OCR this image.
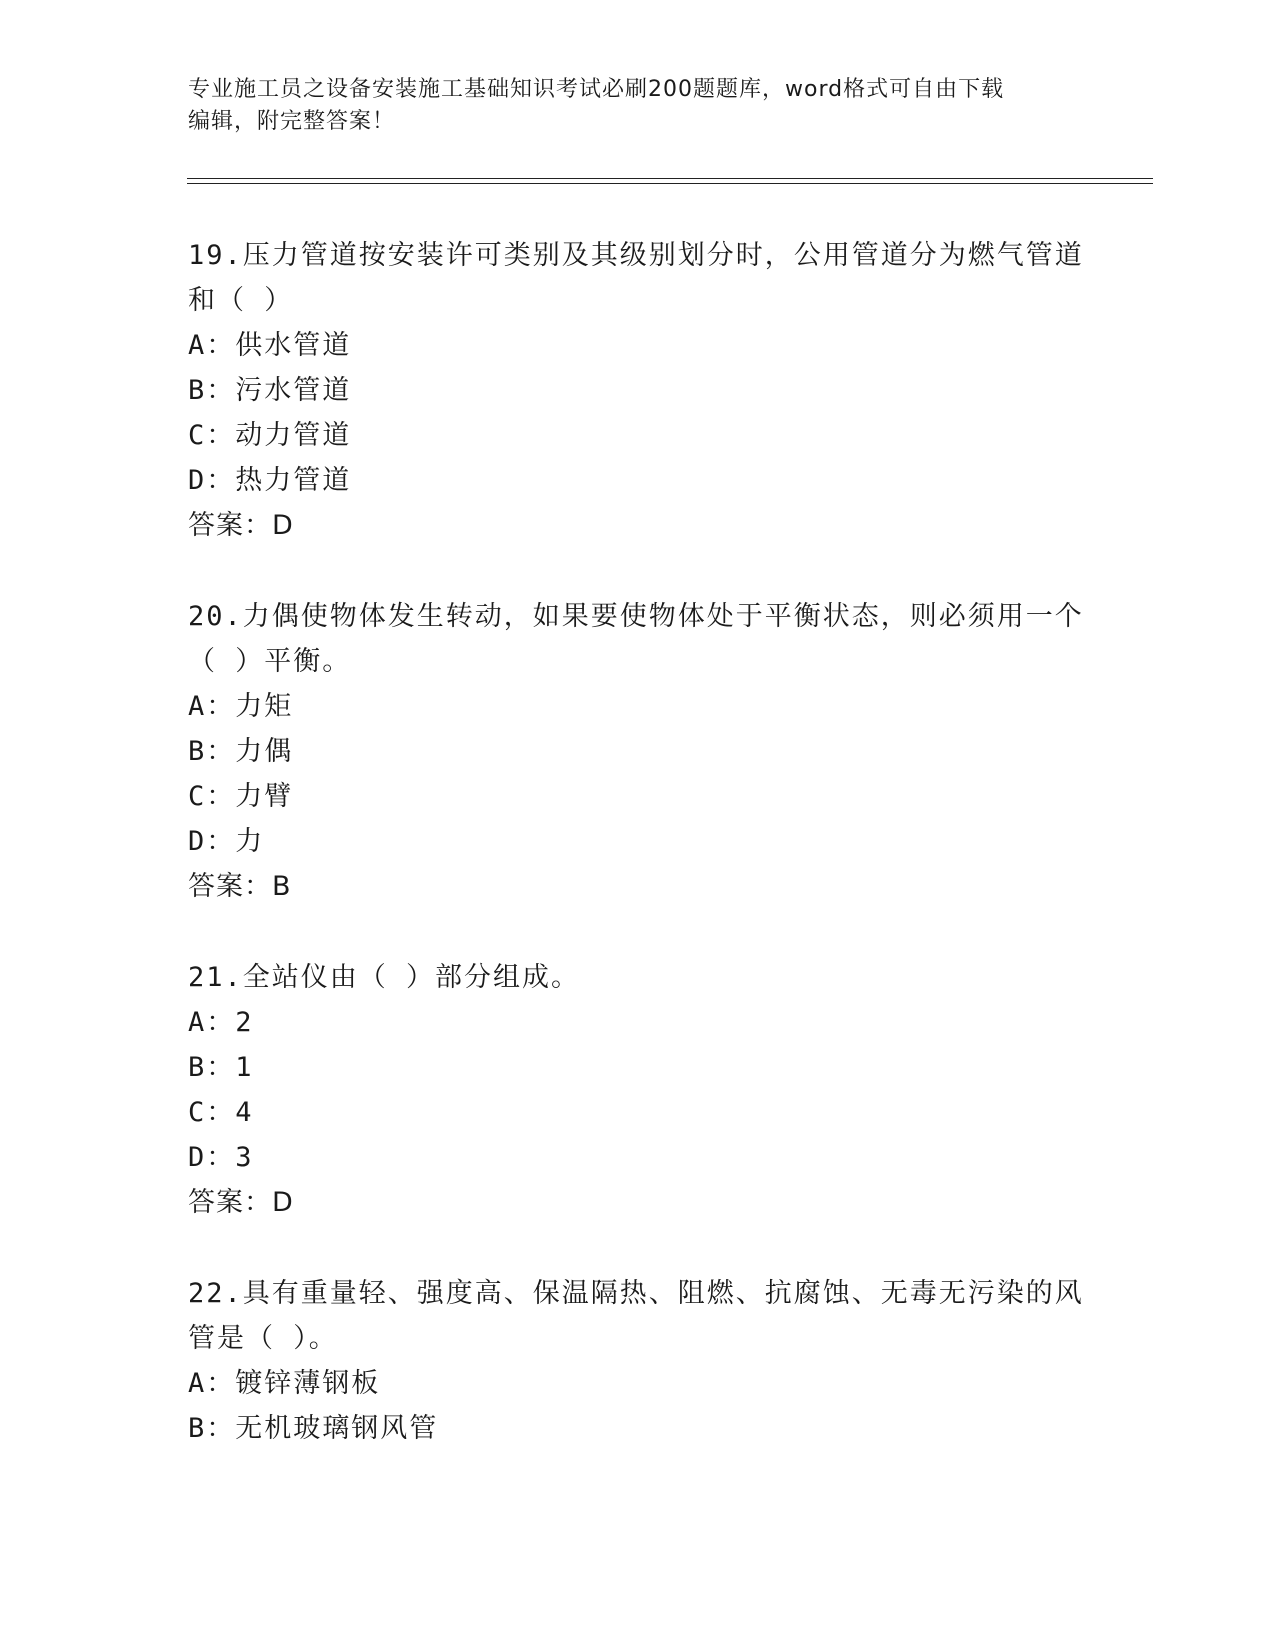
专业施工员之设备安装施工基础知识考试必刷200题题库，word格式可自由下载
编辑，附完整答案！
19.压力管道按安装许可类别及其级别划分时，公用管道分为燃气管道
和（ ）
A：供水管道
B：污水管道
C：动力管道
D：热力管道
答案：D
20.力偶使物体发生转动，如果要使物体处于平衡状态，则必须用一个
（ ）平衡。
A：力矩
B：力偶
C：力臂
D：力
答案：B
21.全站仪由（ ）部分组成。
A：2
B：1
C：4
D：3
答案：D
22.具有重量轻、强度高、保温隔热、阻燃、抗腐蚀、无毒无污染的风
管是（ ）。
A：镀锌薄钢板
B：无机玻璃钢风管
